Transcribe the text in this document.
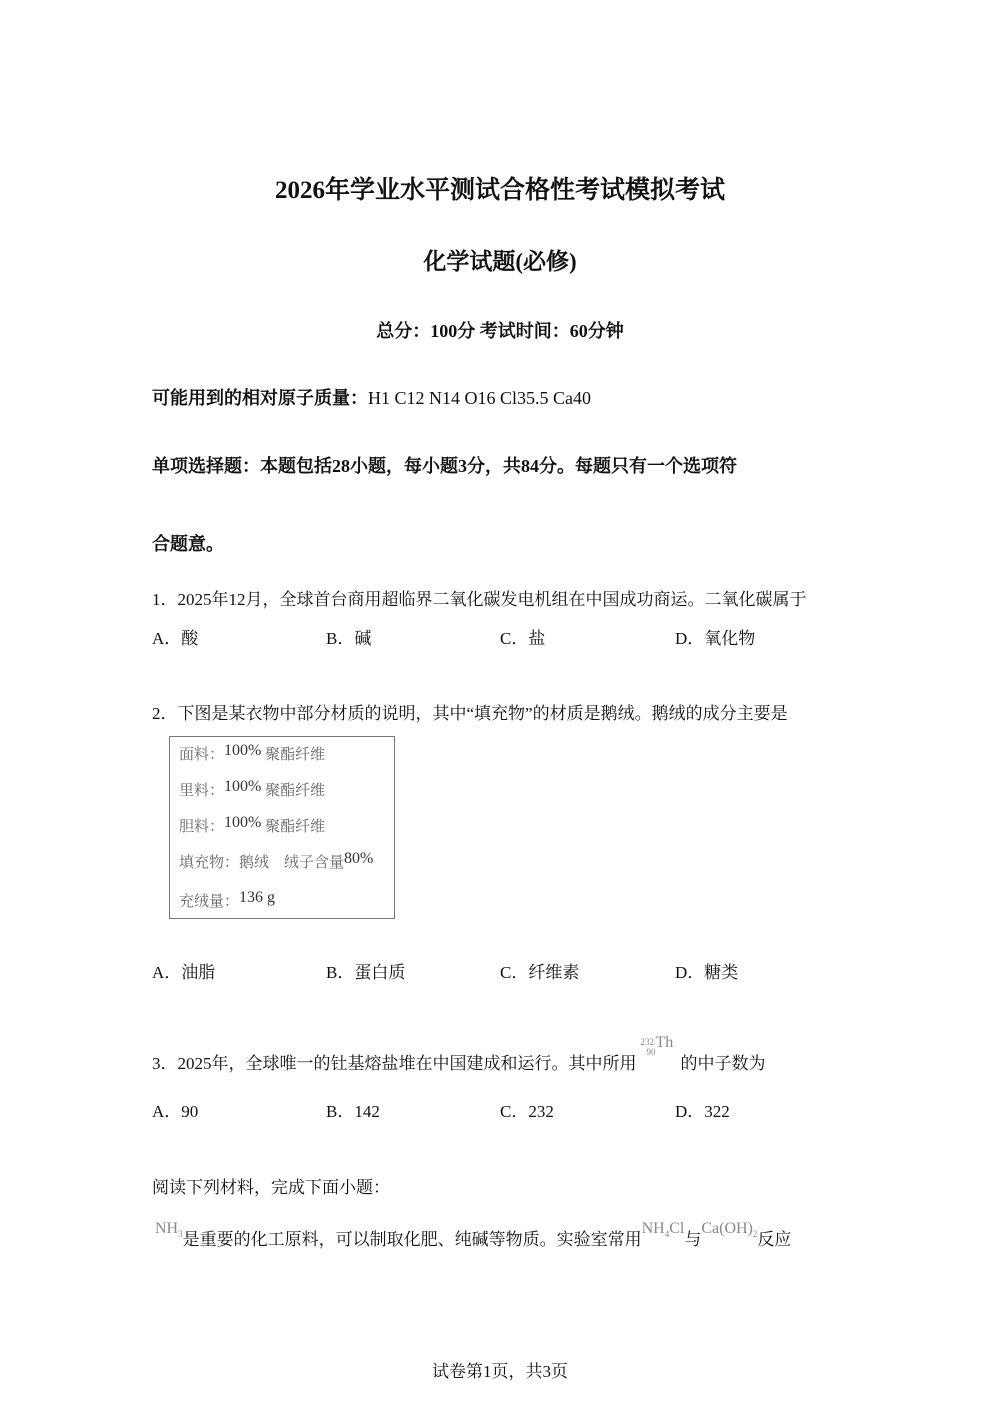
2026年学业水平测试合格性考试模拟考试
化学试题(必修)
总分：100分 考试时间：60分钟
可能用到的相对原子质量：H1 C12 N14 O16 Cl35.5 Ca40
单项选择题：本题包括28小题，每小题3分，共84分。每题只有一个选项符
合题意。
1．2025年12月，全球首台商用超临界二氧化碳发电机组在中国成功商运。二氧化碳属于
A．酸	B．碱	C．盐	D．氧化物
2．下图是某衣物中部分材质的说明，其中“填充物”的材质是鹅绒。鹅绒的成分主要是
面料：100% 聚酯纤维
里料：100% 聚酯纤维
胆料：100% 聚酯纤维
填充物：鹅绒　绒子含量80%
充绒量：136 g
A．油脂	B．蛋白质	C．纤维素	D．糖类
3．2025年，全球唯一的钍基熔盐堆在中国建成和运行。其中所用
232
90
Th
的中子数为
A．90	B．142	C．232	D．322
阅读下列材料，完成下面小题：
$NH_3$是重要的化工原料，可以制取化肥、纯碱等物质。实验室常用$NH_4Cl$与$Ca(OH)_2$反应
试卷第1页，共3页
